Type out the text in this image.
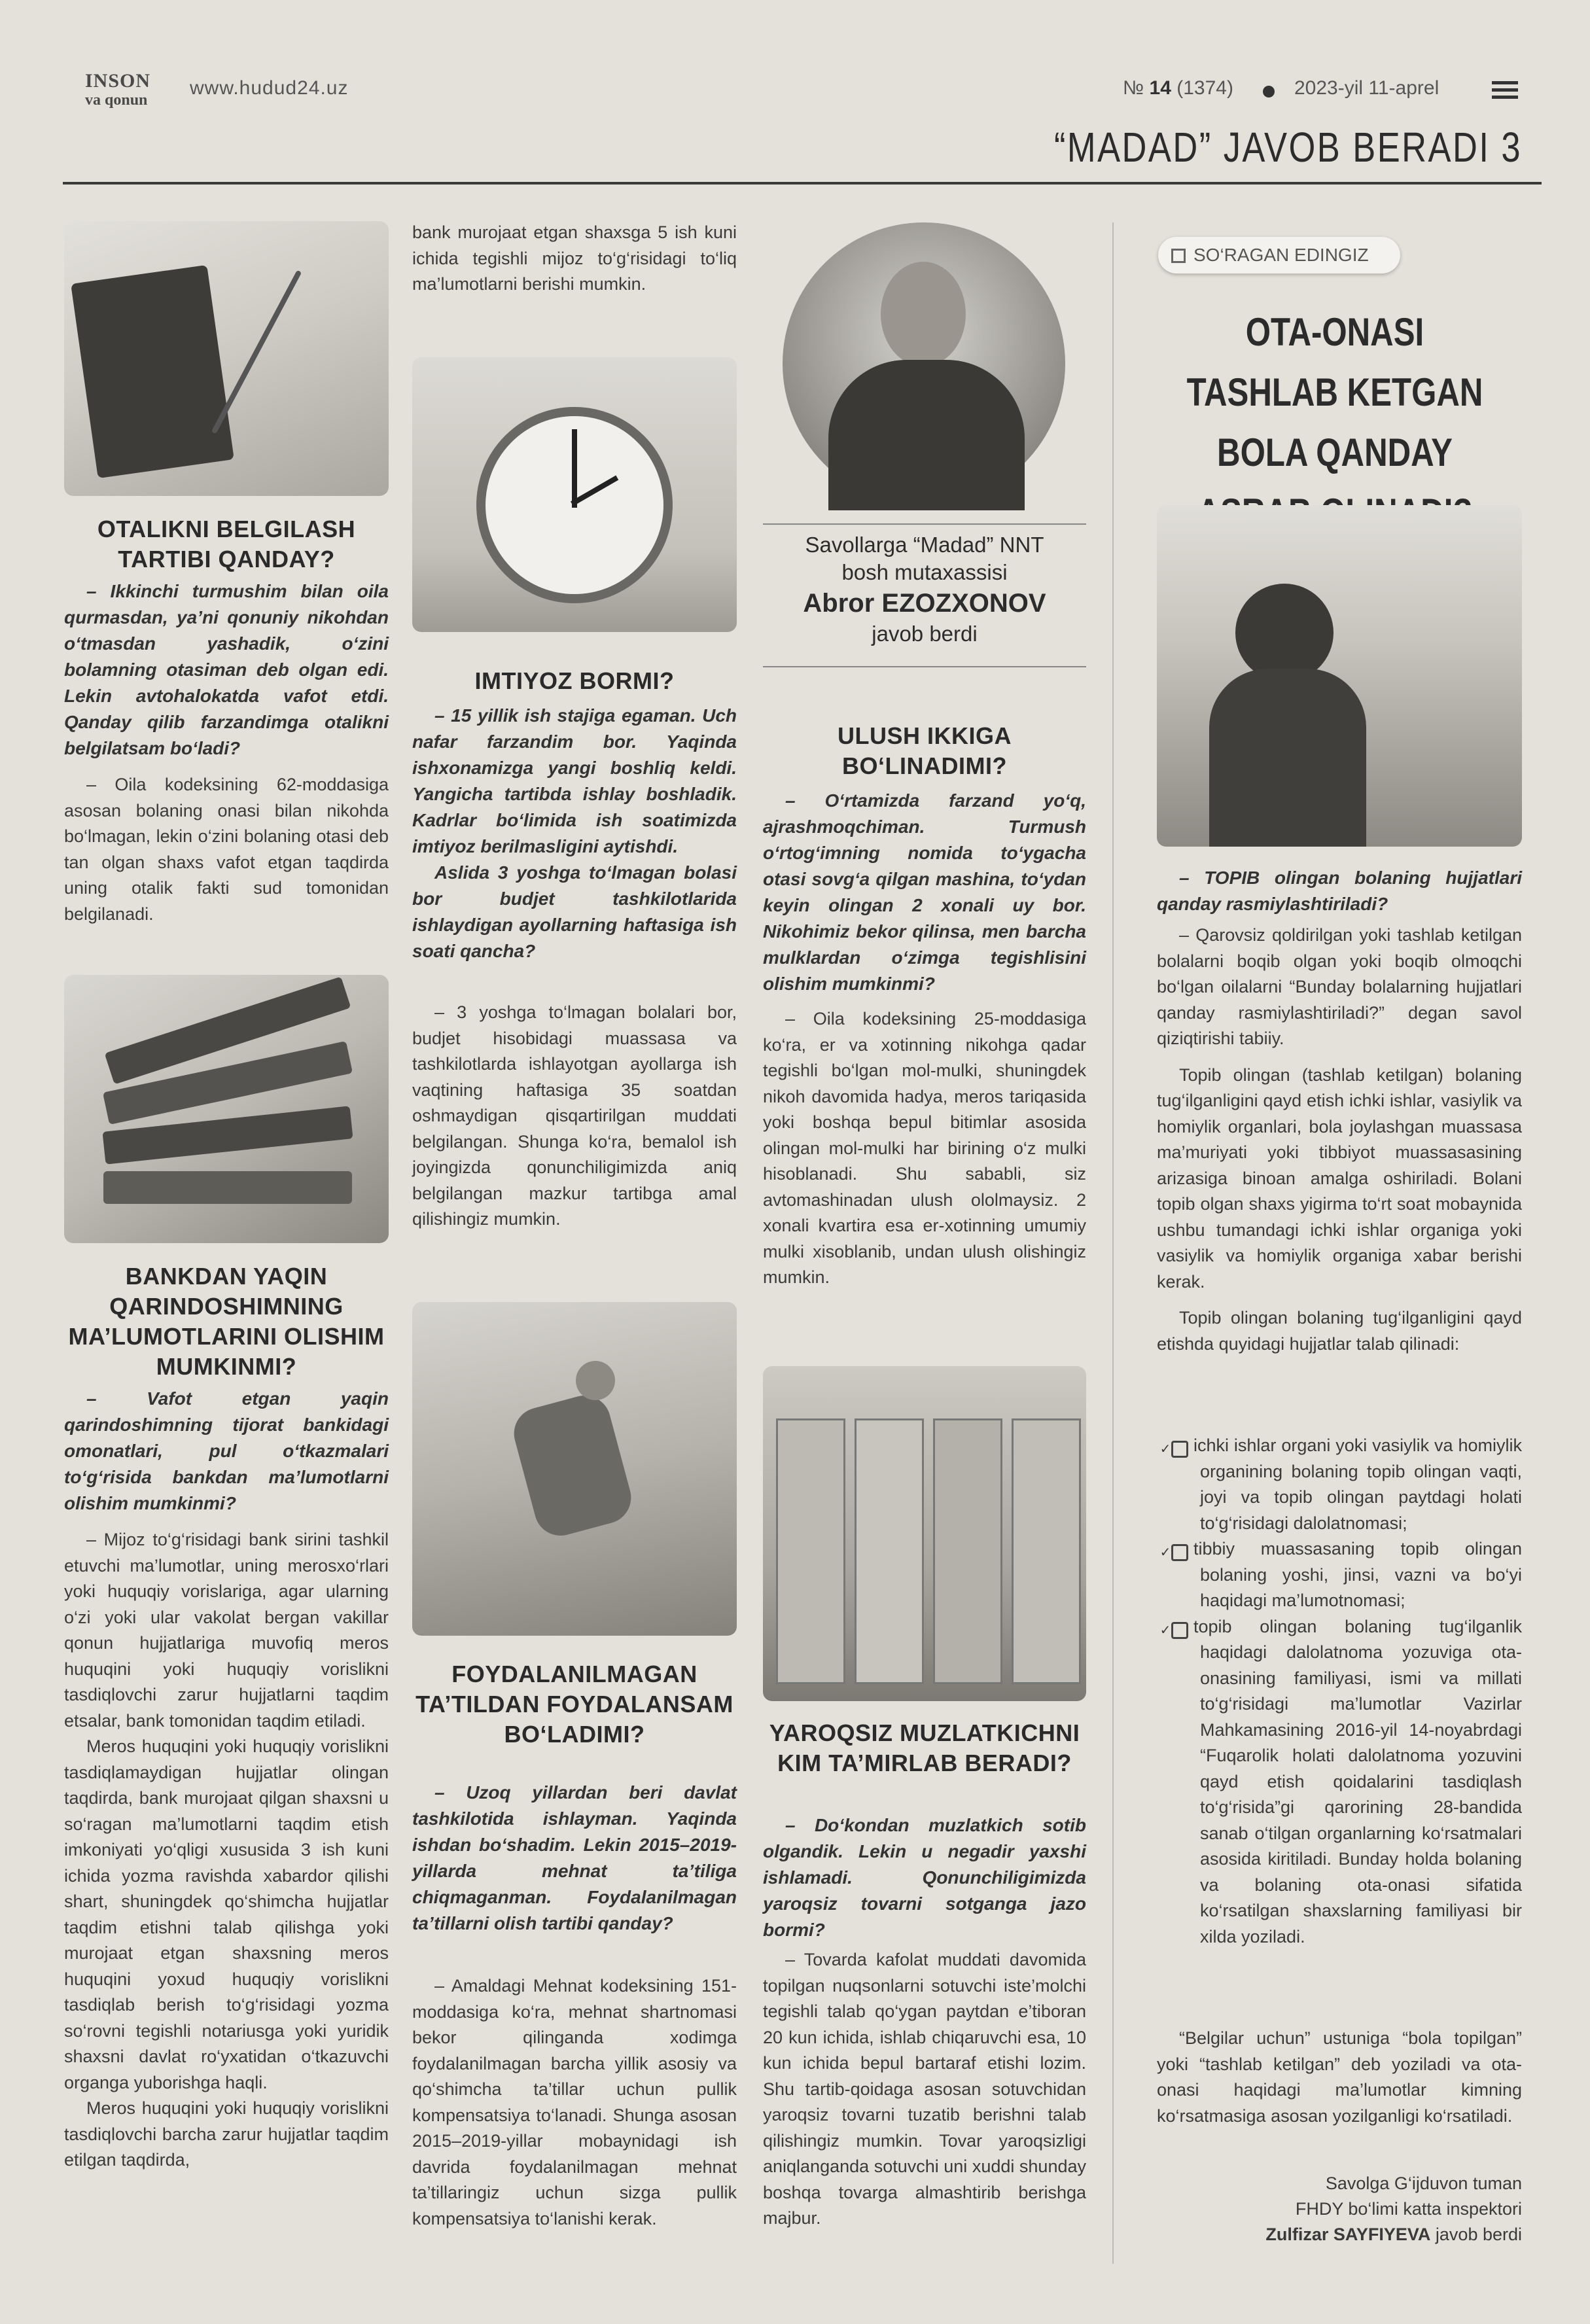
INSON
va qonun
www.hudud24.uz	№ 14 (1374)	2023-yil 11-aprel
“MADAD” JAVOB BERADI 3
OTALIKNI BELGILASH TARTIBI QANDAY?

– Ikkinchi turmushim bilan oila qurmasdan, ya’ni qonuniy nikohdan o‘tmasdan yashadik, o‘zini bolamning otasiman deb olgan edi. Lekin avtohalokatda vafot etdi. Qanday qilib farzandimga otalikni belgilatsam bo‘ladi?

– Oila kodeksining 62-moddasiga asosan bolaning onasi bilan nikohda bo‘lmagan, lekin o‘zini bolaning otasi deb tan olgan shaxs vafot etgan taqdirda uning otalik fakti sud tomonidan belgilanadi.

BANKDAN YAQIN QARINDOSHIMNING MA’LUMOTLARINI OLISHIM MUMKINMI?

– Vafot etgan yaqin qarindoshimning tijorat bankidagi omonatlari, pul o‘tkazmalari to‘g‘risida bankdan ma’lumotlarni olishim mumkinmi?

– Mijoz to‘g‘risidagi bank sirini tashkil etuvchi ma’lumotlar, uning merosxo‘rlari yoki huquqiy vorislariga, agar ularning o‘zi yoki ular vakolat bergan vakillar qonun hujjatlariga muvofiq meros huquqini yoki huquqiy vorislikni tasdiqlovchi zarur hujjatlarni taqdim etsalar, bank tomonidan taqdim etiladi.

Meros huquqini yoki huquqiy vorislikni tasdiqlamaydigan hujjatlar olingan taqdirda, bank murojaat qilgan shaxsni u so‘ragan ma’lumotlarni taqdim etish imkoniyati yo‘qligi xususida 3 ish kuni ichida yozma ravishda xabardor qilishi shart, shuningdek qo‘shimcha hujjatlar taqdim etishni talab qilishga yoki murojaat etgan shaxsning meros huquqini yoxud huquqiy vorislikni tasdiqlab berish to‘g‘risidagi yozma so‘rovni tegishli notariusga yoki yuridik shaxsni davlat ro‘yxatidan o‘tkazuvchi organga yuborishga haqli.

Meros huquqini yoki huquqiy vorislikni tasdiqlovchi barcha zarur hujjatlar taqdim etilgan taqdirda,

bank murojaat etgan shaxsga 5 ish kuni ichida tegishli mijoz to‘g‘risidagi to‘liq ma’lumotlarni berishi mumkin.

IMTIYOZ BORMI?

– 15 yillik ish stajiga egaman. Uch nafar farzandim bor. Yaqinda ishxonamizga yangi boshliq keldi. Yangicha tartibda ishlay boshladik. Kadrlar bo‘limida ish soatimizda imtiyoz berilmasligini aytishdi.

Aslida 3 yoshga to‘lmagan bolasi bor budjet tashkilotlarida ishlaydigan ayollarning haftasiga ish soati qancha?

– 3 yoshga to‘lmagan bolalari bor, budjet hisobidagi muassasa va tashkilotlarda ishlayotgan ayollarga ish vaqtining haftasiga 35 soatdan oshmaydigan qisqartirilgan muddati belgilangan. Shunga ko‘ra, bemalol ish joyingizda qonunchiligimizda aniq belgilangan mazkur tartibga amal qilishingiz mumkin.

FOYDALANILMAGAN TA’TILDAN FOYDALANSAM BO‘LADIMI?

– Uzoq yillardan beri davlat tashkilotida ishlayman. Yaqinda ishdan bo‘shadim. Lekin 2015–2019-yillarda mehnat ta’tiliga chiqmaganman. Foydalanilmagan ta’tillarni olish tartibi qanday?

– Amaldagi Mehnat kodeksining 151-moddasiga ko‘ra, mehnat shartnomasi bekor qilinganda xodimga foydalanilmagan barcha yillik asosiy va qo‘shimcha ta’tillar uchun pullik kompensatsiya to‘lanadi. Shunga asosan 2015–2019-yillar mobaynidagi ish davrida foydalanilmagan mehnat ta’tillaringiz uchun sizga pullik kompensatsiya to‘lanishi kerak.

Savollarga “Madad” NNT
bosh mutaxassisi
Abror EZOZXONOV
javob berdi
ULUSH IKKIGA BO‘LINADIMI?

– O‘rtamizda farzand yo‘q, ajrashmoqchiman. Turmush o‘rtog‘imning nomida to‘ygacha otasi sovg‘a qilgan mashina, to‘ydan keyin olingan 2 xonali uy bor. Nikohimiz bekor qilinsa, men barcha mulklardan o‘zimga tegishlisini olishim mumkinmi?

– Oila kodeksining 25-moddasiga ko‘ra, er va xotinning nikohga qadar tegishli bo‘lgan mol-mulki, shuningdek nikoh davomida hadya, meros tariqasida yoki boshqa bepul bitimlar asosida olingan mol-mulki har birining o‘z mulki hisoblanadi. Shu sababli, siz avtomashinadan ulush ololmaysiz. 2 xonali kvartira esa er-xotinning umumiy mulki xisoblanib, undan ulush olishingiz mumkin.

YAROQSIZ MUZLATKICHNI KIM TA’MIRLAB BERADI?

– Do‘kondan muzlatkich sotib olgandik. Lekin u negadir yaxshi ishlamadi. Qonunchiligimizda yaroqsiz tovarni sotganga jazo bormi?

– Tovarda kafolat muddati davomida topilgan nuqsonlarni sotuvchi iste’molchi tegishli talab qo‘ygan paytdan e’tiboran 20 kun ichida, ishlab chiqaruvchi esa, 10 kun ichida bepul bartaraf etishi lozim. Shu tartib-qoidaga asosan sotuvchidan yaroqsiz tovarni tuzatib berishni talab qilishingiz mumkin. Tovar yaroqsizligi aniqlanganda sotuvchi uni xuddi shunday boshqa tovarga almashtirib berishga majbur.

SO‘RAGAN EDINGIZ
OTA-ONASI TASHLAB KETGAN BOLA QANDAY

– TOPIB olingan bolaning hujjatlari qanday rasmiylashtiriladi?

– Qarovsiz qoldirilgan yoki tashlab ketilgan bolalarni boqib olgan yoki boqib olmoqchi bo‘lgan oilalarni “Bunday bolalarning hujjatlari qanday rasmiylashtiriladi?” degan savol qiziqtirishi tabiiy.

Topib olingan (tashlab ketilgan) bolaning tug‘ilganligini qayd etish ichki ishlar, vasiylik va homiylik organlari, bola joylashgan muassasa ma’muriyati yoki tibbiyot muassasasining arizasiga binoan amalga oshiriladi. Bolani topib olgan shaxs yigirma to‘rt soat mobaynida ushbu tumandagi ichki ishlar organiga yoki vasiylik va homiylik organiga xabar berishi kerak.

Topib olingan bolaning tug‘ilganligini qayd etishda quyidagi hujjatlar talab qilinadi:

✓ ichki ishlar organi yoki vasiylik va homiylik organining bolaning topib olingan vaqti, joyi va topib olingan paytdagi holati to‘g‘risidagi dalolatnomasi;
✓ tibbiy muassasaning topib olingan bolaning yoshi, jinsi, vazni va bo‘yi haqidagi ma’lumotnomasi;
✓ topib olingan bolaning tug‘ilganlik haqidagi dalolatnoma yozuviga ota-onasining familiyasi, ismi va millati to‘g‘risidagi ma’lumotlar Vazirlar Mahkamasining 2016-yil 14-noyabrdagi “Fuqarolik holati dalolatnoma yozuvini qayd etish qoidalarini tasdiqlash to‘g‘risida”gi qarorining 28-bandida sanab o‘tilgan organlarning ko‘rsatmalari asosida kiritiladi. Bunday holda bolaning va bolaning ota-onasi sifatida ko‘rsatilgan shaxslarning familiyasi bir xilda yoziladi.

“Belgilar uchun” ustuniga “bola topilgan” yoki “tashlab ketilgan” deb yoziladi va ota-onasi haqidagi ma’lumotlar kimning ko‘rsatmasiga asosan yozilganligi ko‘rsatiladi.

Savolga G‘ijduvon tuman
FHDY bo‘limi katta inspektori
Zulfizar SAYFIYEVA javob berdi
